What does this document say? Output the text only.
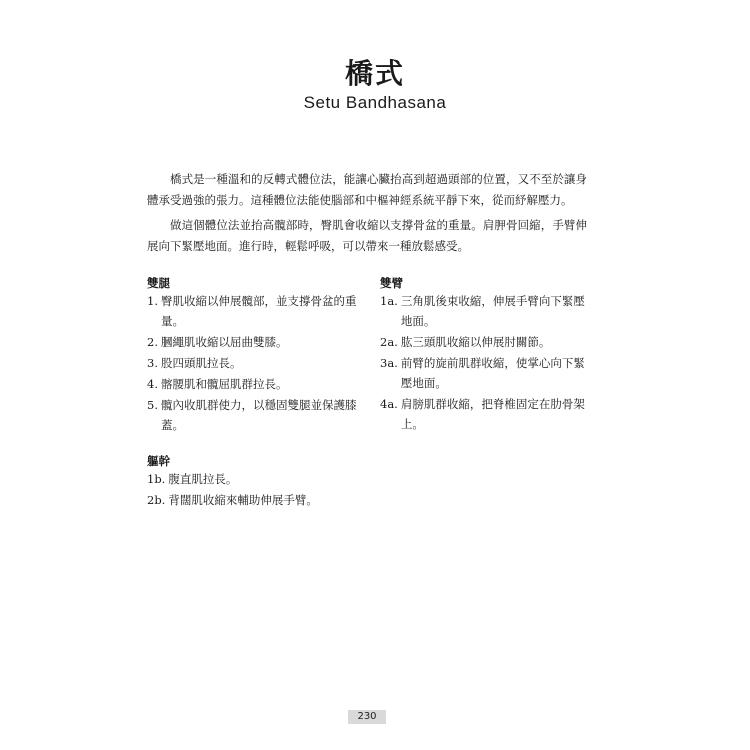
橋式
Setu Bandhasana

橋式是一種溫和的反轉式體位法，能讓心臟抬高到超過頭部的位置，又不至於讓身體承受過強的張力。這種體位法能使腦部和中樞神經系統平靜下來，從而紓解壓力。

做這個體位法並抬高髖部時，臀肌會收縮以支撐骨盆的重量。肩胛骨回縮，手臂伸展向下緊壓地面。進行時，輕鬆呼吸，可以帶來一種放鬆感受。

雙腿
1. 臀肌收縮以伸展髖部，並支撐骨盆的重量。
2. 膕繩肌收縮以屈曲雙膝。
3. 股四頭肌拉長。
4. 髂腰肌和髖屈肌群拉長。
5. 髖內收肌群使力，以穩固雙腿並保護膝蓋。
雙臂
1a. 三角肌後束收縮，伸展手臂向下緊壓地面。
2a. 肱三頭肌收縮以伸展肘關節。
3a. 前臂的旋前肌群收縮，使掌心向下緊壓地面。
4a. 肩膀肌群收縮，把脊椎固定在肋骨架上。
軀幹
1b. 腹直肌拉長。
2b. 背闊肌收縮來輔助伸展手臂。
230
